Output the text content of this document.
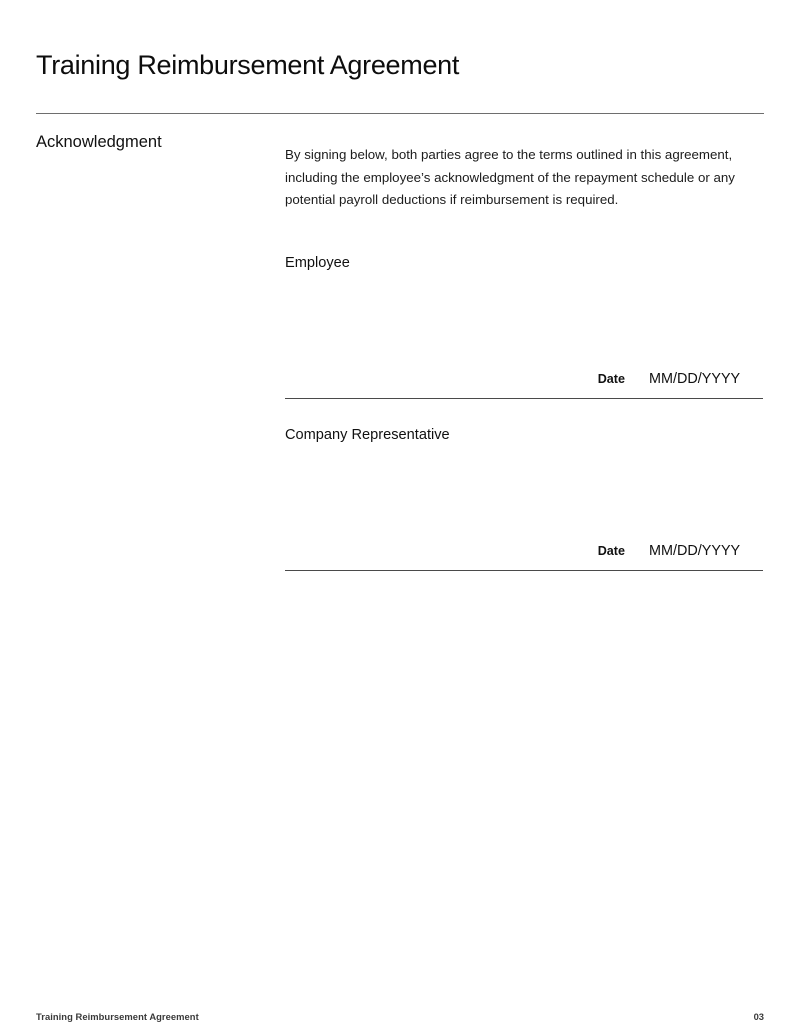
Training Reimbursement Agreement
Acknowledgment

By signing below, both parties agree to the terms outlined in this agreement, including the employee’s acknowledgment of the repayment schedule or any potential payroll deductions if reimbursement is required.

Employee
Date MM/DD/YYYY
Company Representative
Date MM/DD/YYYY
Training Reimbursement Agreement	03
